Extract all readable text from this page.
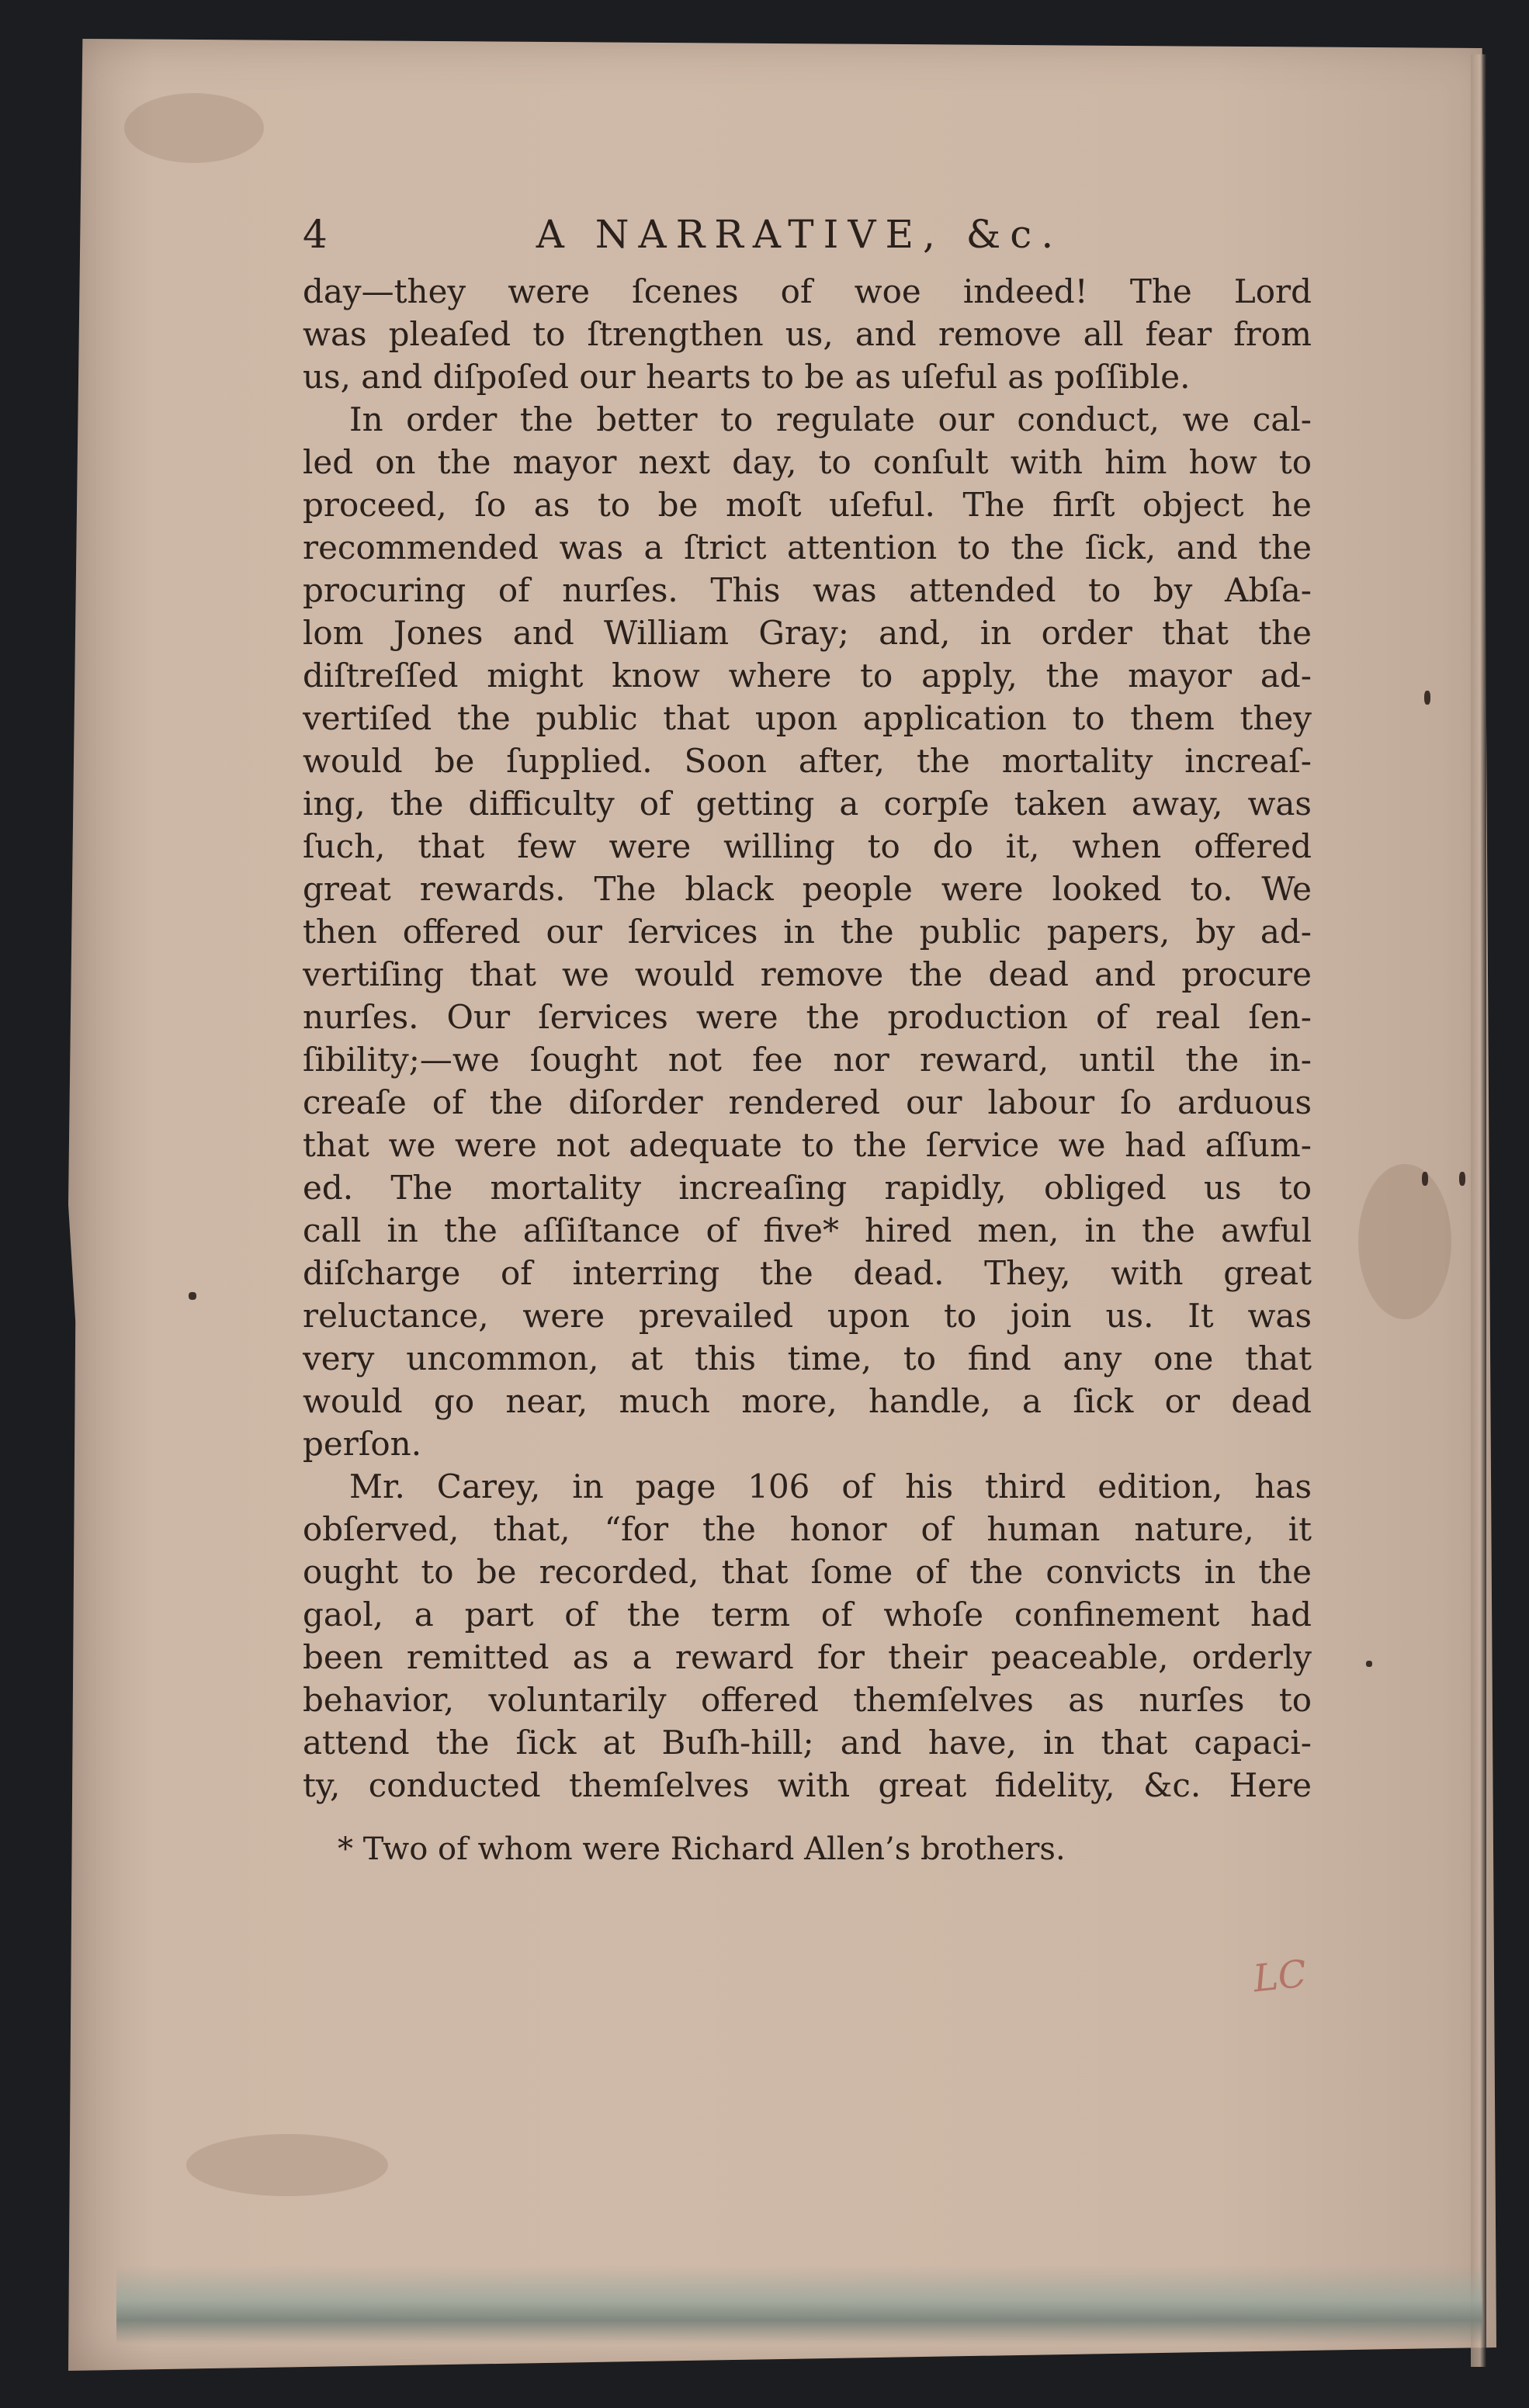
4	A NARRATIVE, &c.
day—they were ſcenes of woe indeed! The Lord
was pleaſed to ſtrengthen us, and remove all fear from
us, and diſpoſed our hearts to be as uſeful as poſſible.
In order the better to regulate our conduct, we cal-
led on the mayor next day, to conſult with him how to
proceed, ſo as to be moſt uſeful. The firſt object he
recommended was a ſtrict attention to the ſick, and the
procuring of nurſes. This was attended to by Abſa-
lom Jones and William Gray; and, in order that the
diſtreſſed might know where to apply, the mayor ad-
vertiſed the public that upon application to them they
would be ſupplied. Soon after, the mortality increaſ-
ing, the difficulty of getting a corpſe taken away, was
ſuch, that few were willing to do it, when offered
great rewards. The black people were looked to. We
then offered our ſervices in the public papers, by ad-
vertiſing that we would remove the dead and procure
nurſes. Our ſervices were the production of real ſen-
ſibility;—we ſought not fee nor reward, until the in-
creaſe of the diſorder rendered our labour ſo arduous
that we were not adequate to the ſervice we had aſſum-
ed. The mortality increaſing rapidly, obliged us to
call in the aſſiſtance of five* hired men, in the awful
diſcharge of interring the dead. They, with great
reluctance, were prevailed upon to join us. It was
very uncommon, at this time, to find any one that
would go near, much more, handle, a ſick or dead
perſon.
Mr. Carey, in page 106 of his third edition, has
obſerved, that, “for the honor of human nature, it
ought to be recorded, that ſome of the convicts in the
gaol, a part of the term of whoſe confinement had
been remitted as a reward for their peaceable, orderly
behavior, voluntarily offered themſelves as nurſes to
attend the ſick at Buſh-hill; and have, in that capaci-
ty, conducted themſelves with great fidelity, &c. Here
* Two of whom were Richard Allen’s brothers.
LC
